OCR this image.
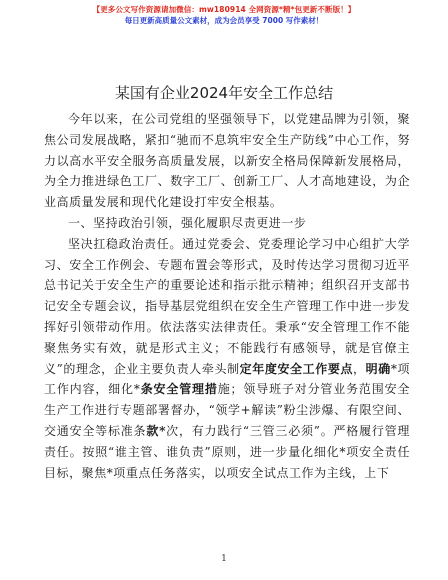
【更多公文写作资源请加微信：mw180914 全网资源*精*包更新不断版！】
每日更新高质量公文素材，成为会员享受 7000 写作素材！
某国有企业2024年安全工作总结

今年以来，在公司党组的坚强领导下，以党建品牌为引领，聚焦公司发展战略，紧扣“驰而不息筑牢安全生产防线”中心工作，努力以高水平安全服务高质量发展，以新安全格局保障新发展格局，为全力推进绿色工厂、数字工厂、创新工厂、人才高地建设，为企业高质量发展和现代化建设打牢安全根基。

一、坚持政治引领，强化履职尽责更进一步

坚决扛稳政治责任。通过党委会、党委理论学习中心组扩大学习、安全工作例会、专题布置会等形式，及时传达学习贯彻习近平总书记关于安全生产的重要论述和指示批示精神；组织召开支部书记安全专题会议，指导基层党组织在安全生产管理工作中进一步发挥好引领带动作用。依法落实法律责任。秉承“安全管理工作不能聚焦务实有效，就是形式主义；不能践行有感领导，就是官僚主义”的理念，企业主要负责人牵头制定年度安全工作要点，明确*项工作内容，细化*条安全管理措施；领导班子对分管业务范围安全生产工作进行专题部署督办，“领学+解读”粉尘涉爆、有限空间、交通安全等标准条款*次，有力践行“三管三必须”。严格履行管理责任。按照“谁主管、谁负责”原则，进一步量化细化*项安全责任目标，聚焦*项重点任务落实，以项安全试点工作为主线，上下

1
